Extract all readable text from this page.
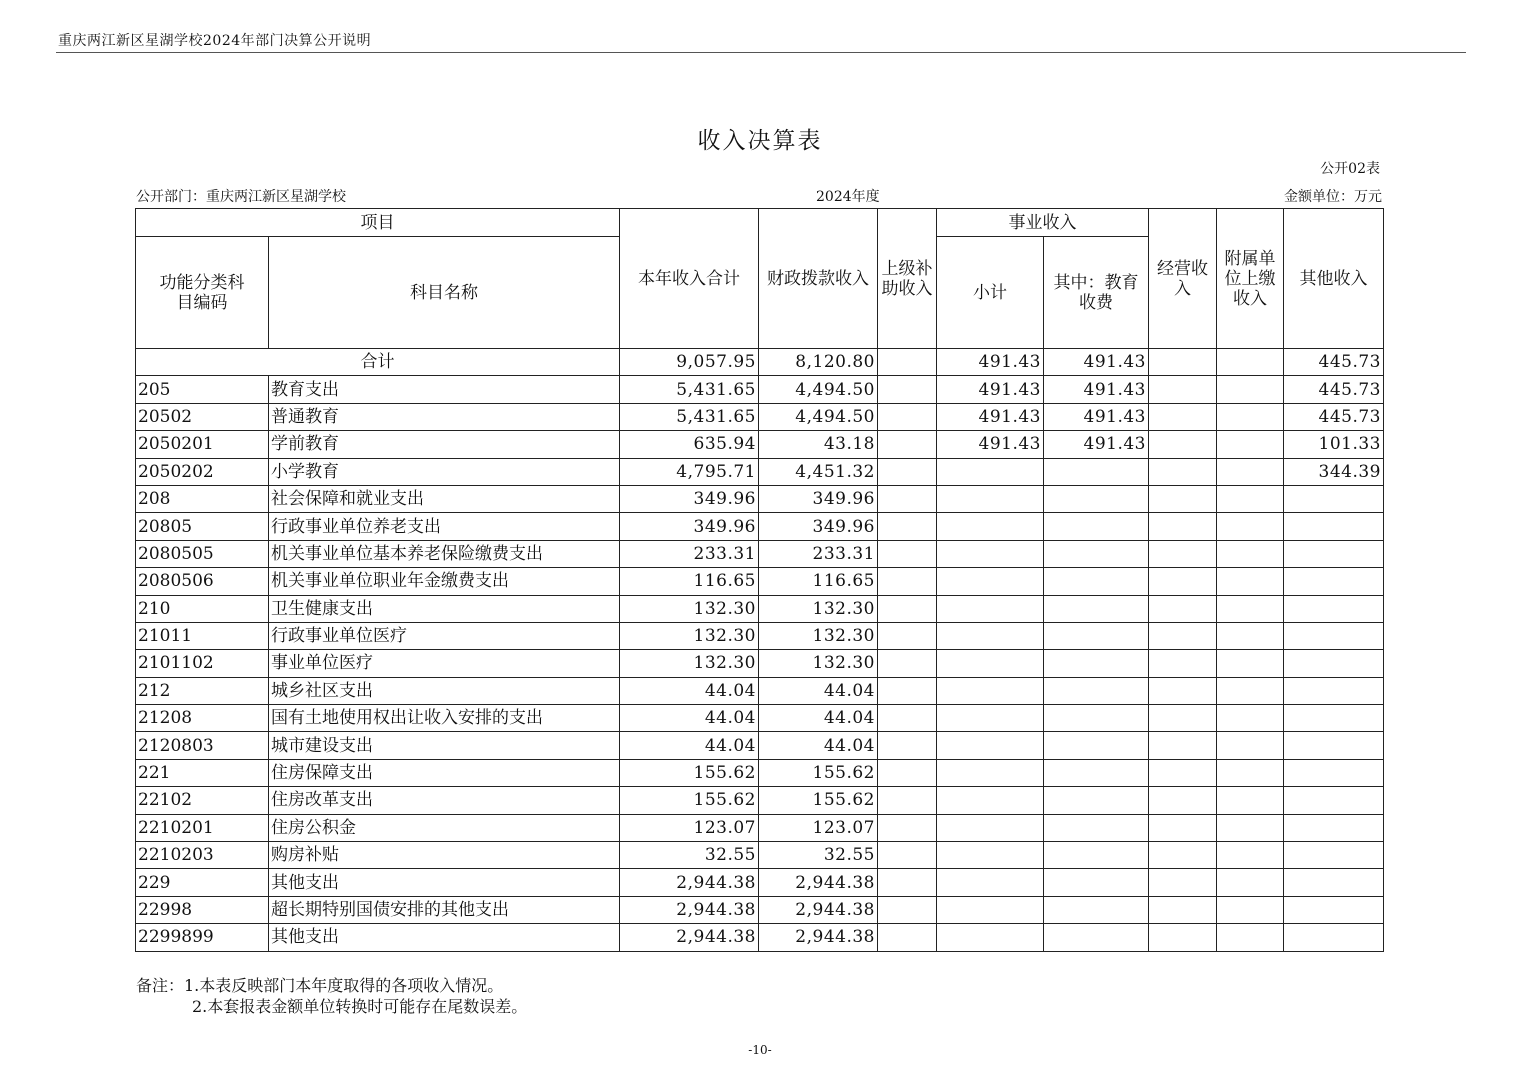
重庆两江新区星湖学校2024年部门决算公开说明
收入决算表
公开02表
公开部门：重庆两江新区星湖学校	2024年度	金额单位：万元
项目		本年收入合计	财政拨款收入	上级补助收入	事业收入		经营收入	附属单位上缴收入	其他收入
功能分类科目编码	科目名称				小计	其中：教育收费			
合计		9,057.95	8,120.80		491.43	491.43			445.73
205	教育支出	5,431.65	4,494.50		491.43	491.43			445.73
20502	普通教育	5,431.65	4,494.50		491.43	491.43			445.73
2050201	学前教育	635.94	43.18		491.43	491.43			101.33
2050202	小学教育	4,795.71	4,451.32						344.39
208	社会保障和就业支出	349.96	349.96						
20805	行政事业单位养老支出	349.96	349.96						
2080505	机关事业单位基本养老保险缴费支出	233.31	233.31						
2080506	机关事业单位职业年金缴费支出	116.65	116.65						
210	卫生健康支出	132.30	132.30						
21011	行政事业单位医疗	132.30	132.30						
2101102	事业单位医疗	132.30	132.30						
212	城乡社区支出	44.04	44.04						
21208	国有土地使用权出让收入安排的支出	44.04	44.04						
2120803	城市建设支出	44.04	44.04						
221	住房保障支出	155.62	155.62						
22102	住房改革支出	155.62	155.62						
2210201	住房公积金	123.07	123.07						
2210203	购房补贴	32.55	32.55						
229	其他支出	2,944.38	2,944.38						
22998	超长期特别国债安排的其他支出	2,944.38	2,944.38						
2299899	其他支出	2,944.38	2,944.38						
备注：1.本表反映部门本年度取得的各项收入情况。
2.本套报表金额单位转换时可能存在尾数误差。
-10-
